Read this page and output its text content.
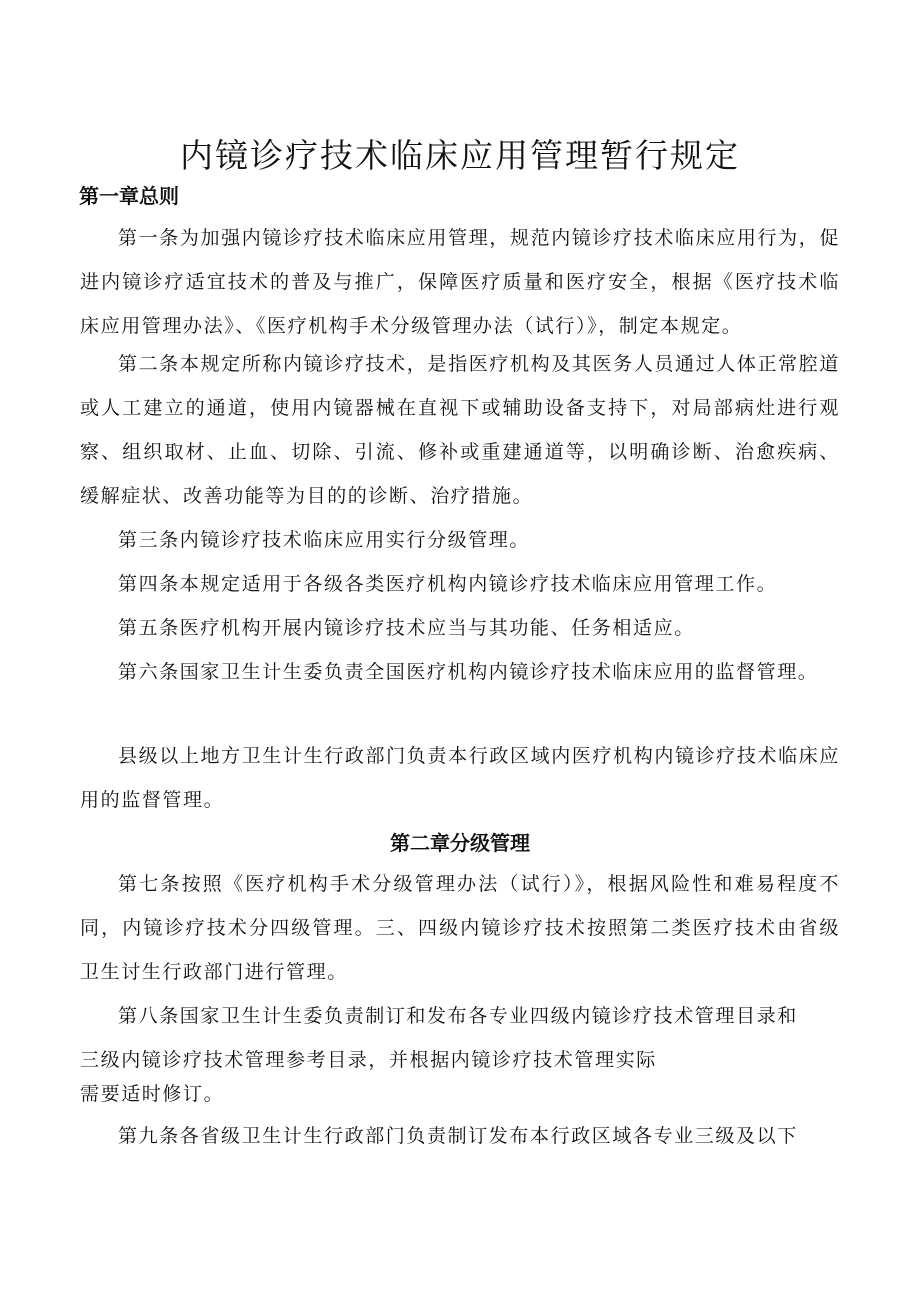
内镜诊疗技术临床应用管理暂行规定
第一章总则

第一条为加强内镜诊疗技术临床应用管理，规范内镜诊疗技术临床应用行为，促进内镜诊疗适宜技术的普及与推广，保障医疗质量和医疗安全，根据《医疗技术临床应用管理办法》、《医疗机构手术分级管理办法（试行）》，制定本规定。

第二条本规定所称内镜诊疗技术，是指医疗机构及其医务人员通过人体正常腔道或人工建立的通道，使用内镜器械在直视下或辅助设备支持下，对局部病灶进行观察、组织取材、止血、切除、引流、修补或重建通道等，以明确诊断、治愈疾病、缓解症状、改善功能等为目的的诊断、治疗措施。

第三条内镜诊疗技术临床应用实行分级管理。

第四条本规定适用于各级各类医疗机构内镜诊疗技术临床应用管理工作。

第五条医疗机构开展内镜诊疗技术应当与其功能、任务相适应。

第六条国家卫生计生委负责全国医疗机构内镜诊疗技术临床应用的监督管理。

县级以上地方卫生计生行政部门负责本行政区域内医疗机构内镜诊疗技术临床应用的监督管理。

第二章分级管理

第七条按照《医疗机构手术分级管理办法（试行）》，根据风险性和难易程度不同，内镜诊疗技术分四级管理。三、四级内镜诊疗技术按照第二类医疗技术由省级卫生讨生行政部门进行管理。

第八条国家卫生计生委负责制订和发布各专业四级内镜诊疗技术管理目录和
三级内镜诊疗技术管理参考目录，并根据内镜诊疗技术管理实际
需要适时修订。

第九条各省级卫生计生行政部门负责制订发布本行政区域各专业三级及以下
